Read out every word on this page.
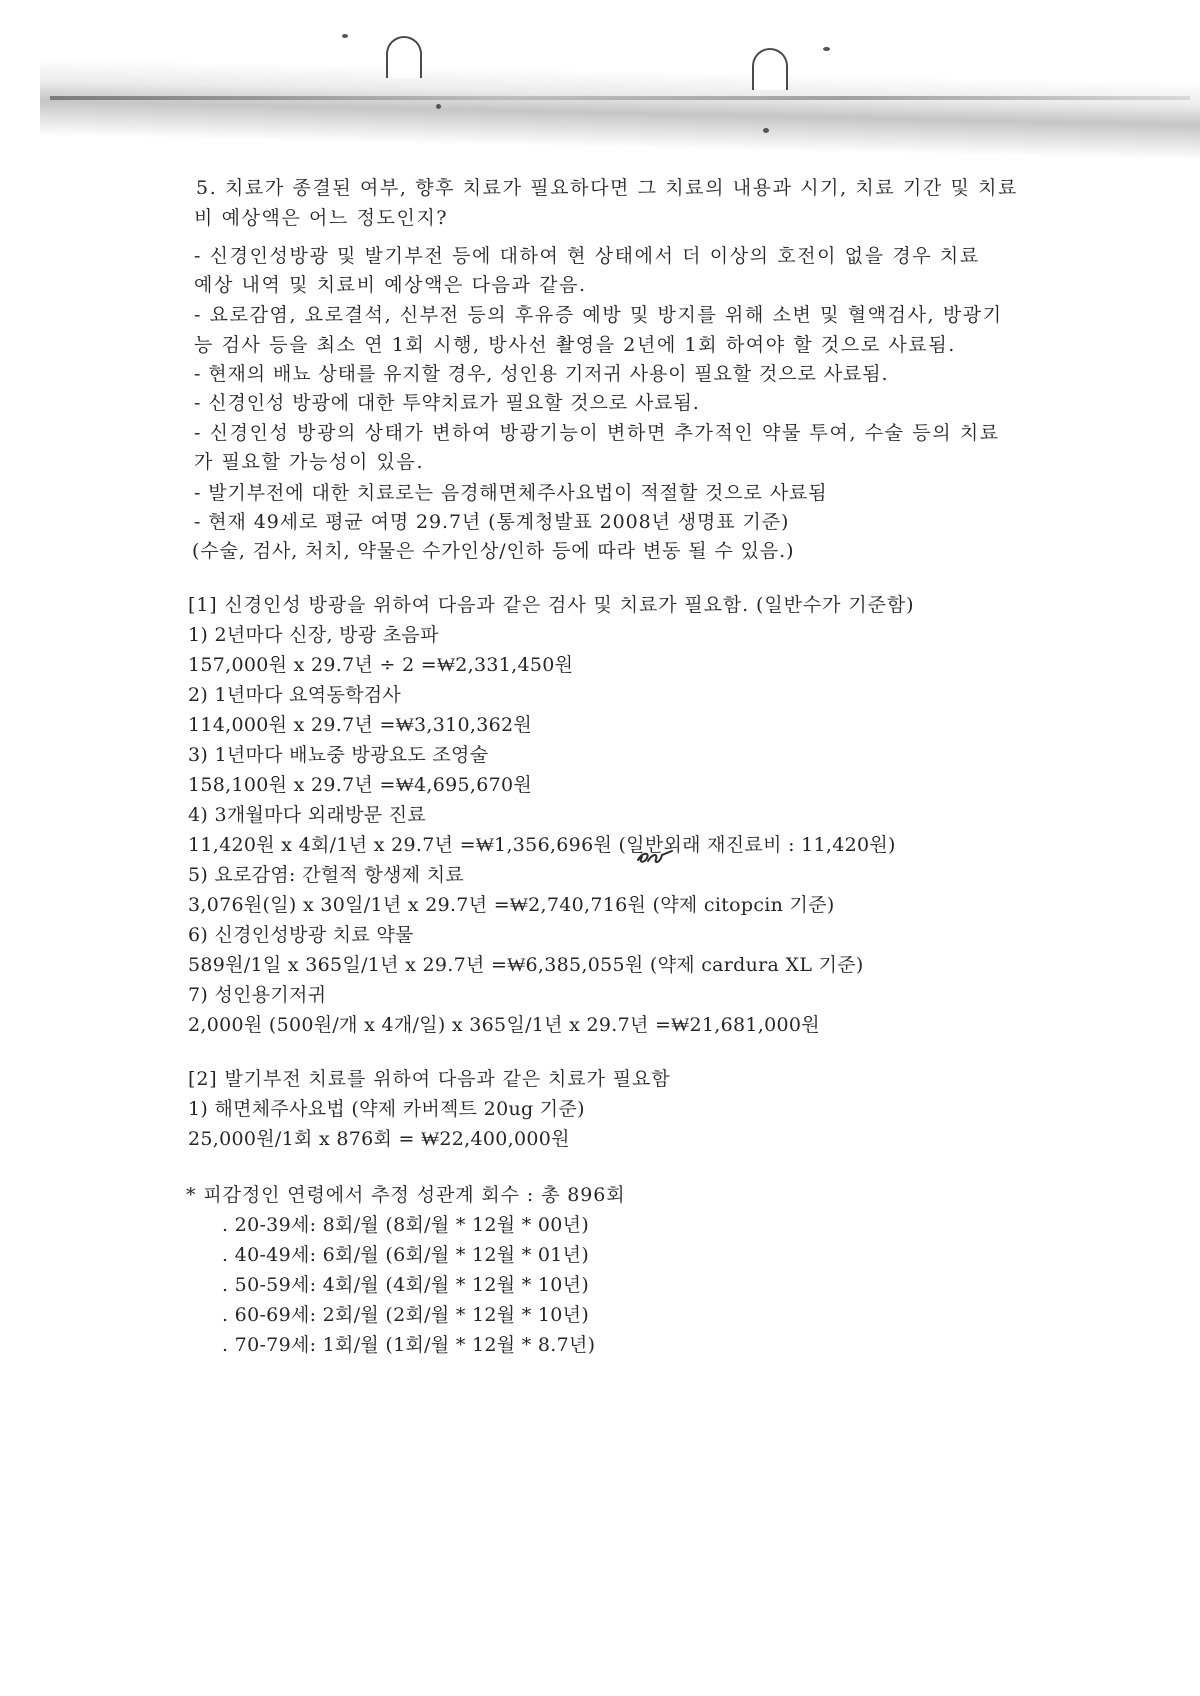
5. 치료가 종결된 여부, 향후 치료가 필요하다면 그 치료의 내용과 시기, 치료 기간 및 치료
비 예상액은 어느 정도인지?
- 신경인성방광 및 발기부전 등에 대하여 현 상태에서 더 이상의 호전이 없을 경우 치료
예상 내역 및 치료비 예상액은 다음과 같음.
- 요로감염, 요로결석, 신부전 등의 후유증 예방 및 방지를 위해 소변 및 혈액검사, 방광기
능 검사 등을 최소 연 1회 시행, 방사선 촬영을 2년에 1회 하여야 할 것으로 사료됨.
- 현재의 배뇨 상태를 유지할 경우, 성인용 기저귀 사용이 필요할 것으로 사료됨.
- 신경인성 방광에 대한 투약치료가 필요할 것으로 사료됨.
- 신경인성 방광의 상태가 변하여 방광기능이 변하면 추가적인 약물 투여, 수술 등의 치료
가 필요할 가능성이 있음.
- 발기부전에 대한 치료로는 음경해면체주사요법이 적절할 것으로 사료됨
- 현재 49세로 평균 여명 29.7년 (통계청발표 2008년 생명표 기준)
(수술, 검사, 처치, 약물은 수가인상/인하 등에 따라 변동 될 수 있음.)
[1] 신경인성 방광을 위하여 다음과 같은 검사 및 치료가 필요함. (일반수가 기준함)
1) 2년마다 신장, 방광 초음파
157,000원 x 29.7년 ÷ 2 =₩2,331,450원
2) 1년마다 요역동학검사
114,000원 x 29.7년 =₩3,310,362원
3) 1년마다 배뇨중 방광요도 조영술
158,100원 x 29.7년 =₩4,695,670원
4) 3개월마다 외래방문 진료
11,420원 x 4회/1년 x 29.7년 =₩1,356,696원 (일반외래 재진료비 : 11,420원)
5) 요로감염: 간헐적 항생제 치료
3,076원(일) x 30일/1년 x 29.7년 =₩2,740,716원 (약제 citopcin 기준)
6) 신경인성방광 치료 약물
589원/1일 x 365일/1년 x 29.7년 =₩6,385,055원 (약제 cardura XL 기준)
7) 성인용기저귀
2,000원 (500원/개 x 4개/일) x 365일/1년 x 29.7년 =₩21,681,000원
[2] 발기부전 치료를 위하여 다음과 같은 치료가 필요함
1) 해면체주사요법 (약제 카버젝트 20ug 기준)
25,000원/1회 x 876회 = ₩22,400,000원
* 피감정인 연령에서 추정 성관계 회수 : 총 896회
. 20-39세: 8회/월 (8회/월 * 12월 * 00년)
. 40-49세: 6회/월 (6회/월 * 12월 * 01년)
. 50-59세: 4회/월 (4회/월 * 12월 * 10년)
. 60-69세: 2회/월 (2회/월 * 12월 * 10년)
. 70-79세: 1회/월 (1회/월 * 12월 * 8.7년)
